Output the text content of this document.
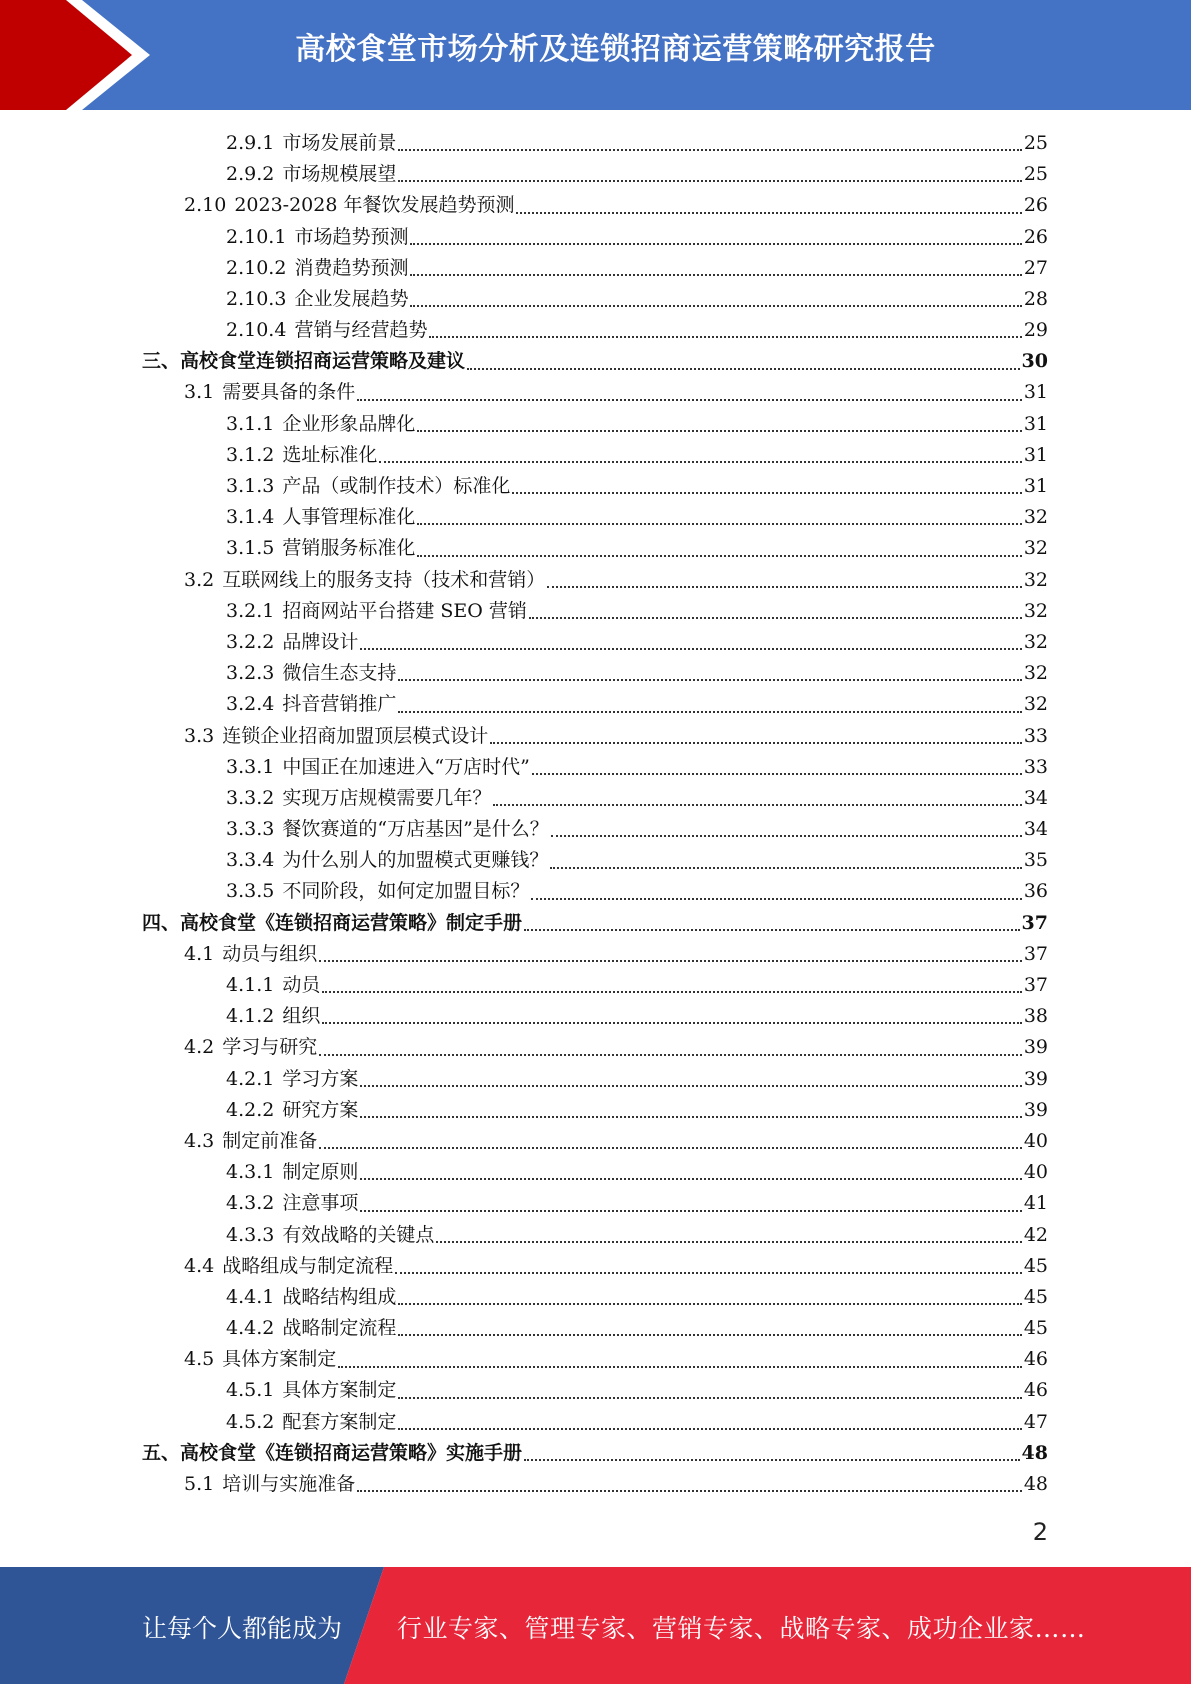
高校食堂市场分析及连锁招商运营策略研究报告
2.9.1 市场发展前景	25
2.9.2 市场规模展望	25
2.10 2023-2028 年餐饮发展趋势预测	26
2.10.1 市场趋势预测	26
2.10.2 消费趋势预测	27
2.10.3 企业发展趋势	28
2.10.4 营销与经营趋势	29
三、高校食堂连锁招商运营策略及建议	30
3.1 需要具备的条件	31
3.1.1 企业形象品牌化	31
3.1.2 选址标准化	31
3.1.3 产品（或制作技术）标准化	31
3.1.4 人事管理标准化	32
3.1.5 营销服务标准化	32
3.2 互联网线上的服务支持（技术和营销）	32
3.2.1 招商网站平台搭建 SEO 营销	32
3.2.2 品牌设计	32
3.2.3 微信生态支持	32
3.2.4 抖音营销推广	32
3.3 连锁企业招商加盟顶层模式设计	33
3.3.1 中国正在加速进入“万店时代”	33
3.3.2 实现万店规模需要几年？	34
3.3.3 餐饮赛道的“万店基因”是什么？	34
3.3.4 为什么别人的加盟模式更赚钱？	35
3.3.5 不同阶段，如何定加盟目标？	36
四、高校食堂《连锁招商运营策略》制定手册	37
4.1 动员与组织	37
4.1.1 动员	37
4.1.2 组织	38
4.2 学习与研究	39
4.2.1 学习方案	39
4.2.2 研究方案	39
4.3 制定前准备	40
4.3.1 制定原则	40
4.3.2 注意事项	41
4.3.3 有效战略的关键点	42
4.4 战略组成与制定流程	45
4.4.1 战略结构组成	45
4.4.2 战略制定流程	45
4.5 具体方案制定	46
4.5.1 具体方案制定	46
4.5.2 配套方案制定	47
五、高校食堂《连锁招商运营策略》实施手册	48
5.1 培训与实施准备	48
2
让每个人都能成为 行业专家、管理专家、营销专家、战略专家、成功企业家……
